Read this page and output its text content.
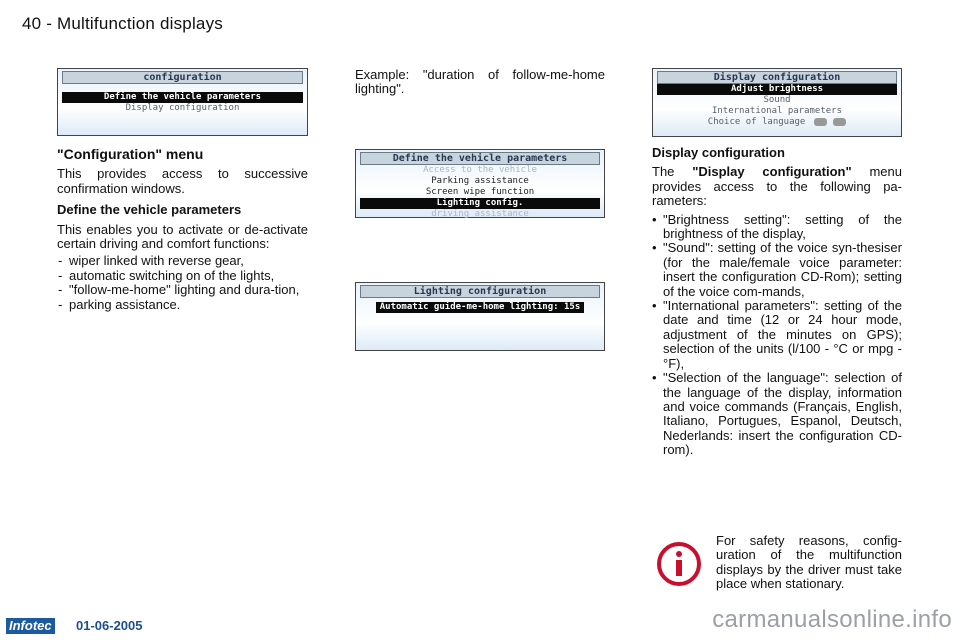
40 - Multifunction displays
configuration
Define the vehicle parameters
Display configuration
"Configuration" menu

This provides access to successive confirmation windows.

Define the vehicle parameters

This enables you to activate or de-activate certain driving and comfort functions:

- wiper linked with reverse gear,
- automatic switching on of the lights,
- "follow-me-home" lighting and dura-tion,
- parking assistance.

Example: "duration of follow-me-home lighting".

Define the vehicle parameters
Access to the vehicle
Parking assistance
Screen wipe function
Lighting config.
driving assistance
Lighting configuration
Automatic guide-me-home lighting: 15s
Display configuration
Adjust brightness
Sound
International parameters
Choice of language
Display configuration

The "Display configuration" menu provides access to the following pa-rameters:

• "Brightness setting": setting of the brightness of the display,
• "Sound": setting of the voice syn-thesiser (for the male/female voice parameter: insert the configuration CD-Rom); setting of the voice com-mands,
• "International parameters": setting of the date and time (12 or 24 hour mode, adjustment of the minutes on GPS); selection of the units (l/100 - °C or mpg - °F),
• "Selection of the language": selection of the language of the display, information and voice commands (Français, English, Italiano, Portugues, Espanol, Deutsch, Nederlands: insert the configuration CD-rom).

For safety reasons, config-uration of the multifunction displays by the driver must take place when stationary.

Infotec 01-06-2005	carmanualsonline.info
